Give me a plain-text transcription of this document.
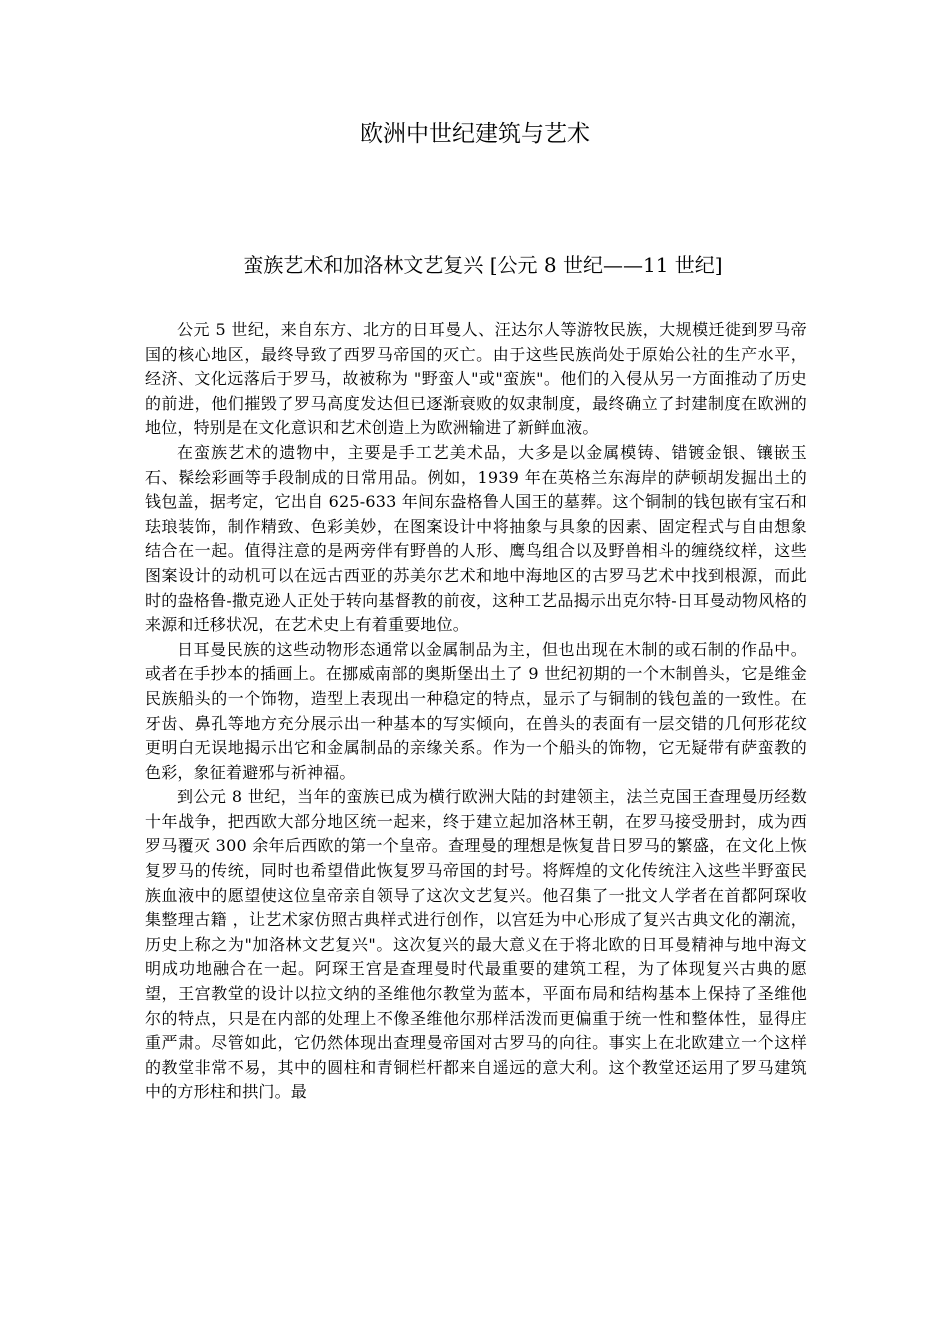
欧洲中世纪建筑与艺术
蛮族艺术和加洛林文艺复兴 [公元 8 世纪——11 世纪]

公元 5 世纪，来自东方、北方的日耳曼人、汪达尔人等游牧民族，大规模迁徙到罗马帝国的核心地区，最终导致了西罗马帝国的灭亡。由于这些民族尚处于原始公社的生产水平，经济、文化远落后于罗马，故被称为 "野蛮人"或"蛮族"。他们的入侵从另一方面推动了历史的前进，他们摧毁了罗马高度发达但已逐渐衰败的奴隶制度，最终确立了封建制度在欧洲的地位，特别是在文化意识和艺术创造上为欧洲输进了新鲜血液。

在蛮族艺术的遗物中，主要是手工艺美术品，大多是以金属模铸、错镀金银、镶嵌玉石、髹绘彩画等手段制成的日常用品。例如，1939 年在英格兰东海岸的萨顿胡发掘出土的钱包盖，据考定，它出自 625-633 年间东盎格鲁人国王的墓葬。这个铜制的钱包嵌有宝石和珐琅装饰，制作精致、色彩美妙，在图案设计中将抽象与具象的因素、固定程式与自由想象结合在一起。值得注意的是两旁伴有野兽的人形、鹰鸟组合以及野兽相斗的缠绕纹样，这些图案设计的动机可以在远古西亚的苏美尔艺术和地中海地区的古罗马艺术中找到根源，而此时的盎格鲁-撒克逊人正处于转向基督教的前夜，这种工艺品揭示出克尔特-日耳曼动物风格的来源和迁移状况，在艺术史上有着重要地位。

日耳曼民族的这些动物形态通常以金属制品为主，但也出现在木制的或石制的作品中。或者在手抄本的插画上。在挪威南部的奥斯堡出土了 9 世纪初期的一个木制兽头，它是维金民族船头的一个饰物，造型上表现出一种稳定的特点，显示了与铜制的钱包盖的一致性。在牙齿、鼻孔等地方充分展示出一种基本的写实倾向，在兽头的表面有一层交错的几何形花纹更明白无误地揭示出它和金属制品的亲缘关系。作为一个船头的饰物，它无疑带有萨蛮教的色彩，象征着避邪与祈神福。

到公元 8 世纪，当年的蛮族已成为横行欧洲大陆的封建领主，法兰克国王查理曼历经数十年战争，把西欧大部分地区统一起来，终于建立起加洛林王朝，在罗马接受册封，成为西罗马覆灭 300 余年后西欧的第一个皇帝。查理曼的理想是恢复昔日罗马的繁盛，在文化上恢复罗马的传统，同时也希望借此恢复罗马帝国的封号。将辉煌的文化传统注入这些半野蛮民族血液中的愿望使这位皇帝亲自领导了这次文艺复兴。他召集了一批文人学者在首都阿琛收集整理古籍 ，让艺术家仿照古典样式进行创作，以宫廷为中心形成了复兴古典文化的潮流，历史上称之为"加洛林文艺复兴"。这次复兴的最大意义在于将北欧的日耳曼精神与地中海文明成功地融合在一起。阿琛王宫是查理曼时代最重要的建筑工程，为了体现复兴古典的愿望，王宫教堂的设计以拉文纳的圣维他尔教堂为蓝本，平面布局和结构基本上保持了圣维他尔的特点，只是在内部的处理上不像圣维他尔那样活泼而更偏重于统一性和整体性，显得庄重严肃。尽管如此，它仍然体现出查理曼帝国对古罗马的向往。事实上在北欧建立一个这样的教堂非常不易，其中的圆柱和青铜栏杆都来自遥远的意大利。这个教堂还运用了罗马建筑中的方形柱和拱门。最
